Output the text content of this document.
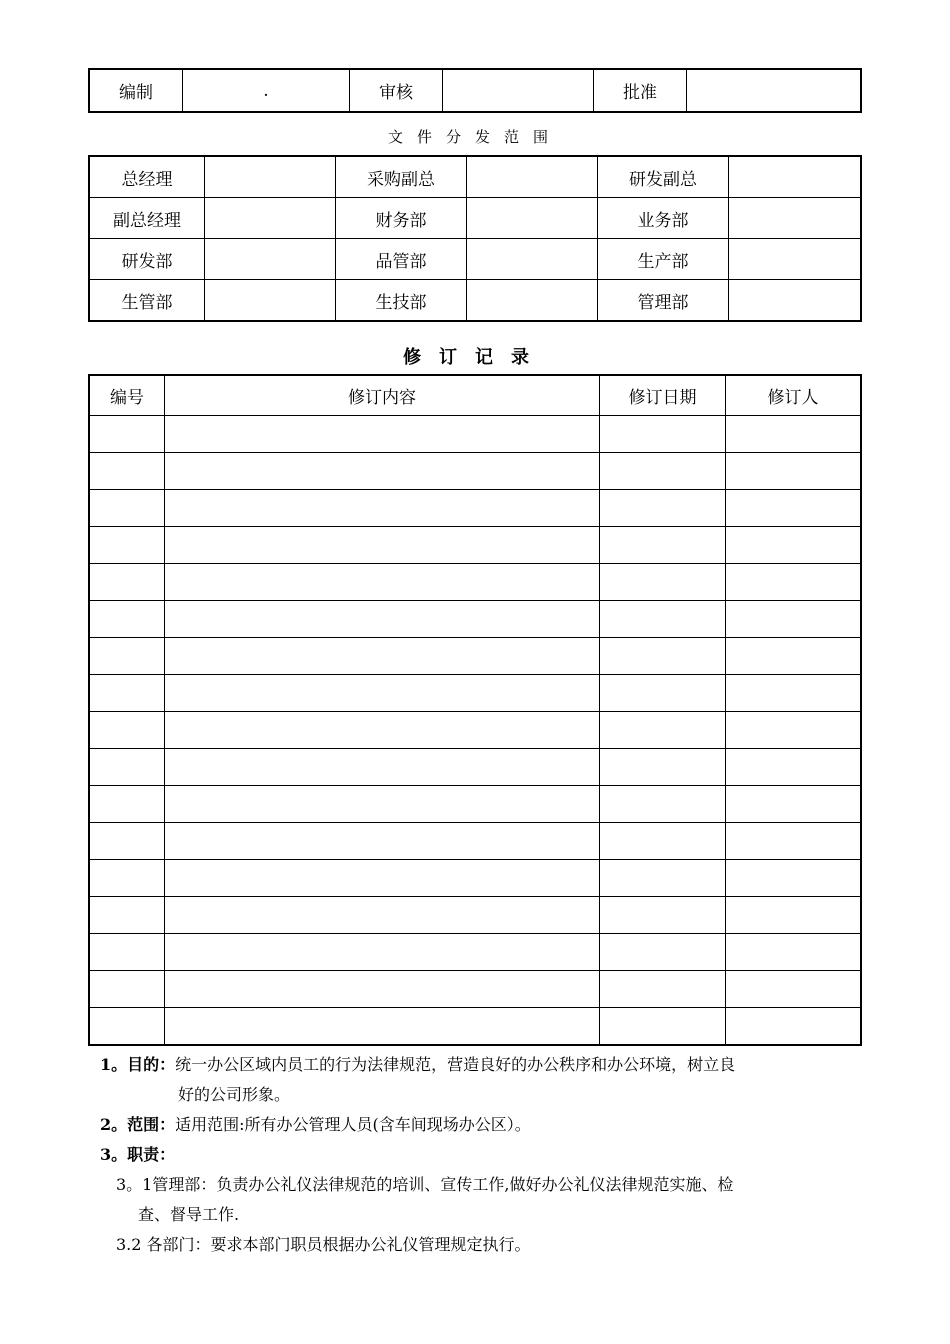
编制	.	审核		批准	
文件分发范围
总经理		采购副总		研发副总	
副总经理		财务部		业务部	
研发部		品管部		生产部	
生管部		生技部		管理部	
修订记录
编号	修订内容	修订日期	修订人

1。目的：统一办公区域内员工的行为法律规范，营造良好的办公秩序和办公环境，树立良

好的公司形象。

2。范围：适用范围:所有办公管理人员(含车间现场办公区）。

3。职责：

3。1管理部：负责办公礼仪法律规范的培训、宣传工作,做好办公礼仪法律规范实施、检

查、督导工作.

3.2 各部门：要求本部门职员根据办公礼仪管理规定执行。
